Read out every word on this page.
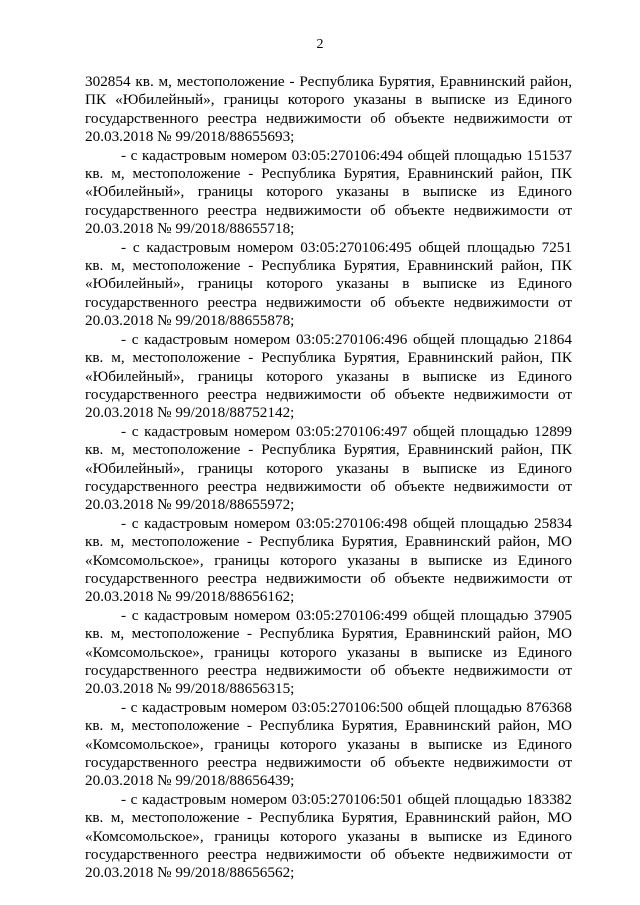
2

302854 кв. м, местоположение - Республика Бурятия, Еравнинский район, ПК «Юбилейный», границы которого указаны в выписке из Единого государственного реестра недвижимости об объекте недвижимости от 20.03.2018 № 99/2018/88655693;

- с кадастровым номером 03:05:270106:494 общей площадью 151537 кв. м, местоположение - Республика Бурятия, Еравнинский район, ПК «Юбилейный», границы которого указаны в выписке из Единого государственного реестра недвижимости об объекте недвижимости от 20.03.2018 № 99/2018/88655718;

- с кадастровым номером 03:05:270106:495 общей площадью 7251 кв. м, местоположение - Республика Бурятия, Еравнинский район, ПК «Юбилейный», границы которого указаны в выписке из Единого государственного реестра недвижимости об объекте недвижимости от 20.03.2018 № 99/2018/88655878;

- с кадастровым номером 03:05:270106:496 общей площадью 21864 кв. м, местоположение - Республика Бурятия, Еравнинский район, ПК «Юбилейный», границы которого указаны в выписке из Единого государственного реестра недвижимости об объекте недвижимости от 20.03.2018 № 99/2018/88752142;

- с кадастровым номером 03:05:270106:497 общей площадью 12899 кв. м, местоположение - Республика Бурятия, Еравнинский район, ПК «Юбилейный», границы которого указаны в выписке из Единого государственного реестра недвижимости об объекте недвижимости от 20.03.2018 № 99/2018/88655972;

- с кадастровым номером 03:05:270106:498 общей площадью 25834 кв. м, местоположение - Республика Бурятия, Еравнинский район, МО «Комсомольское», границы которого указаны в выписке из Единого государственного реестра недвижимости об объекте недвижимости от 20.03.2018 № 99/2018/88656162;

- с кадастровым номером 03:05:270106:499 общей площадью 37905 кв. м, местоположение - Республика Бурятия, Еравнинский район, МО «Комсомольское», границы которого указаны в выписке из Единого государственного реестра недвижимости об объекте недвижимости от 20.03.2018 № 99/2018/88656315;

- с кадастровым номером 03:05:270106:500 общей площадью 876368 кв. м, местоположение - Республика Бурятия, Еравнинский район, МО «Комсомольское», границы которого указаны в выписке из Единого государственного реестра недвижимости об объекте недвижимости от 20.03.2018 № 99/2018/88656439;

- с кадастровым номером 03:05:270106:501 общей площадью 183382 кв. м, местоположение - Республика Бурятия, Еравнинский район, МО «Комсомольское», границы которого указаны в выписке из Единого государственного реестра недвижимости об объекте недвижимости от 20.03.2018 № 99/2018/88656562;
